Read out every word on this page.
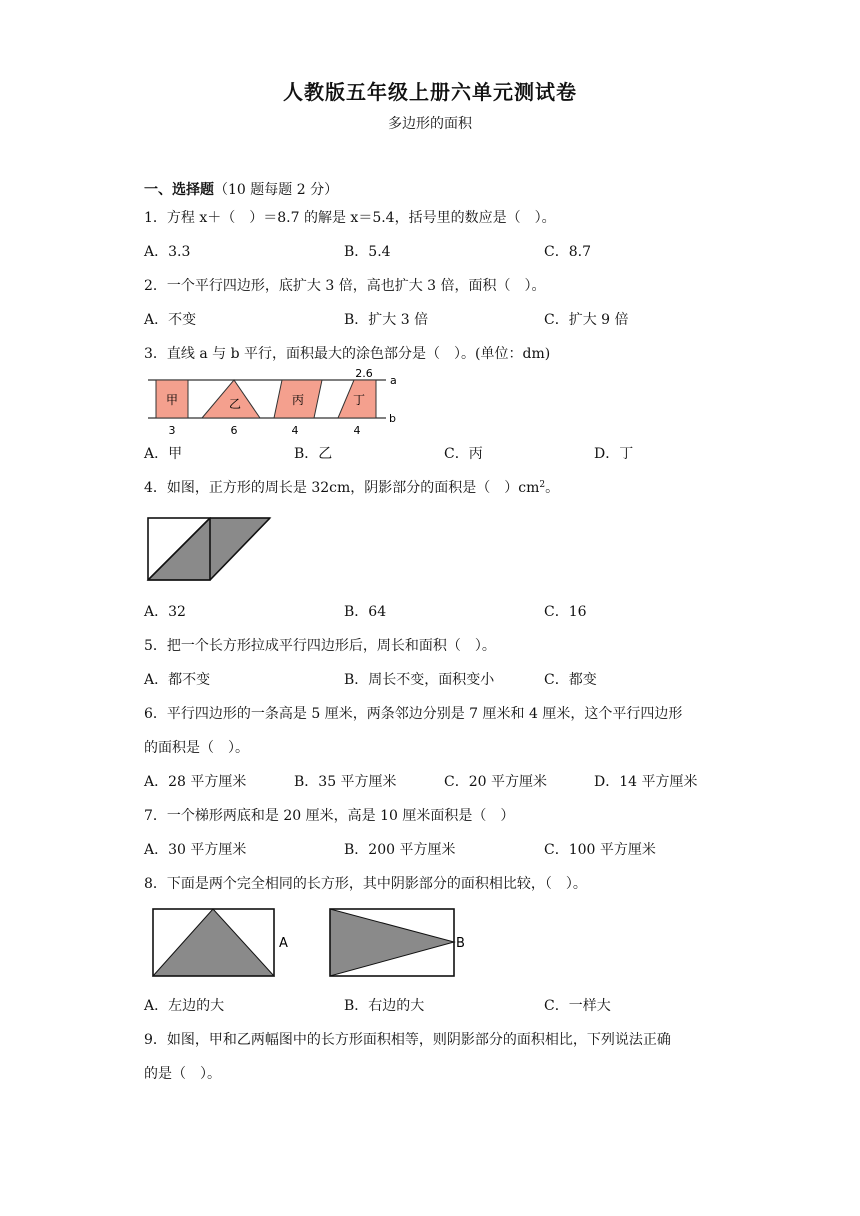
人教版五年级上册六单元测试卷
多边形的面积
一、选择题（10 题每题 2 分）
1．方程 x＋（　）＝8.7 的解是 x＝5.4，括号里的数应是（　）。
A．3.3	B．5.4	C．8.7
2．一个平行四边形，底扩大 3 倍，高也扩大 3 倍，面积（　）。
A．不变	B．扩大 3 倍	C．扩大 9 倍
3．直线 a 与 b 平行，面积最大的涂色部分是（　）。(单位：dm)
甲	乙	丙	丁
2.6
a
b
3	6	4	4
A．甲	B．乙	C．丙	D．丁
4．如图，正方形的周长是 32cm，阴影部分的面积是（　）$cm^2$。
A．32	B．64	C．16
5．把一个长方形拉成平行四边形后，周长和面积（　）。
A．都不变	B．周长不变，面积变小	C．都变
6．平行四边形的一条高是 5 厘米，两条邻边分别是 7 厘米和 4 厘米，这个平行四边形
的面积是（　）。
A．28 平方厘米	B．35 平方厘米	C．20 平方厘米	D．14 平方厘米
7．一个梯形两底和是 20 厘米，高是 10 厘米面积是（　）
A．30 平方厘米	B．200 平方厘米	C．100 平方厘米
8．下面是两个完全相同的长方形，其中阴影部分的面积相比较，（　）。
A	B
A．左边的大	B．右边的大	C．一样大
9．如图，甲和乙两幅图中的长方形面积相等，则阴影部分的面积相比，下列说法正确
的是（　）。
